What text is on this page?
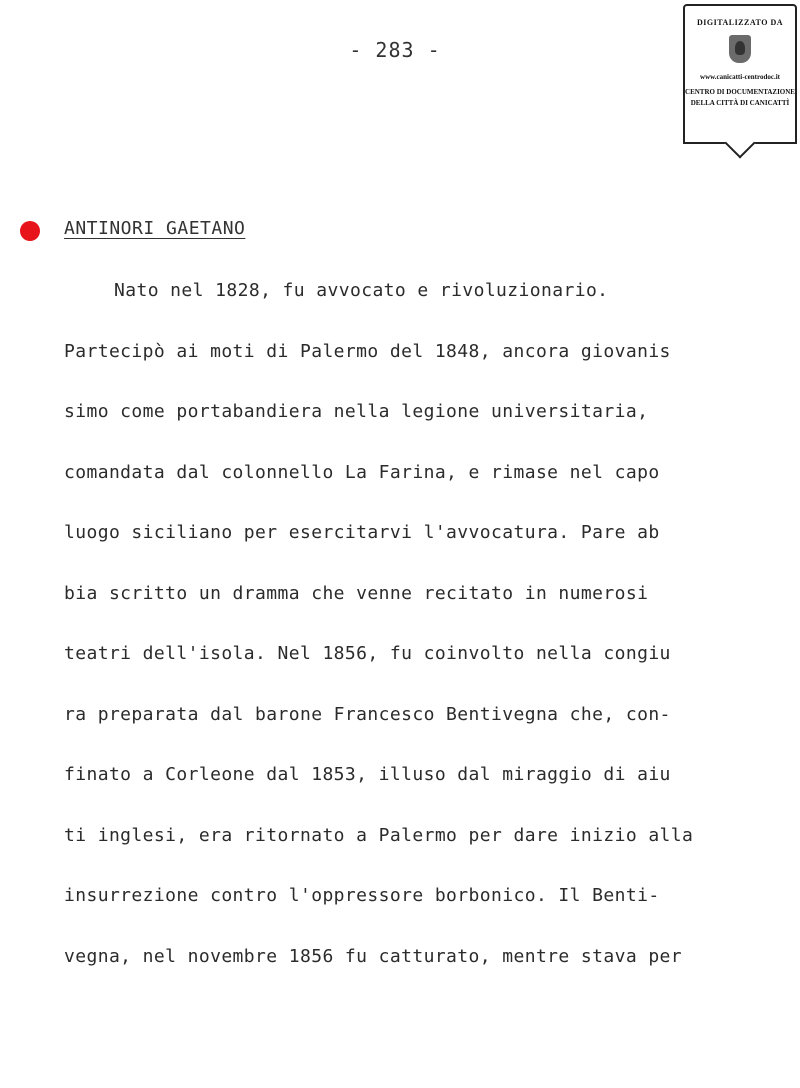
- 283 -
DIGITALIZZATO DA
www.canicatti-centrodoc.it
CENTRO DI DOCUMENTAZIONE
DELLA CITTÀ DI CANICATTÌ
ANTINORI GAETANO
Nato nel 1828, fu avvocato e rivoluzionario.
Partecipò ai moti di Palermo del 1848, ancora giovanis
simo come portabandiera nella legione universitaria,
comandata dal colonnello La Farina, e rimase nel capo
luogo siciliano per esercitarvi l'avvocatura. Pare ab
bia scritto un dramma che venne recitato in numerosi
teatri dell'isola. Nel 1856, fu coinvolto nella congiu
ra preparata dal barone Francesco Bentivegna che, con-
finato a Corleone dal 1853, illuso dal miraggio di aiu
ti inglesi, era ritornato a Palermo per dare inizio alla
insurrezione contro l'oppressore borbonico. Il Benti-
vegna, nel novembre 1856 fu catturato, mentre stava per
